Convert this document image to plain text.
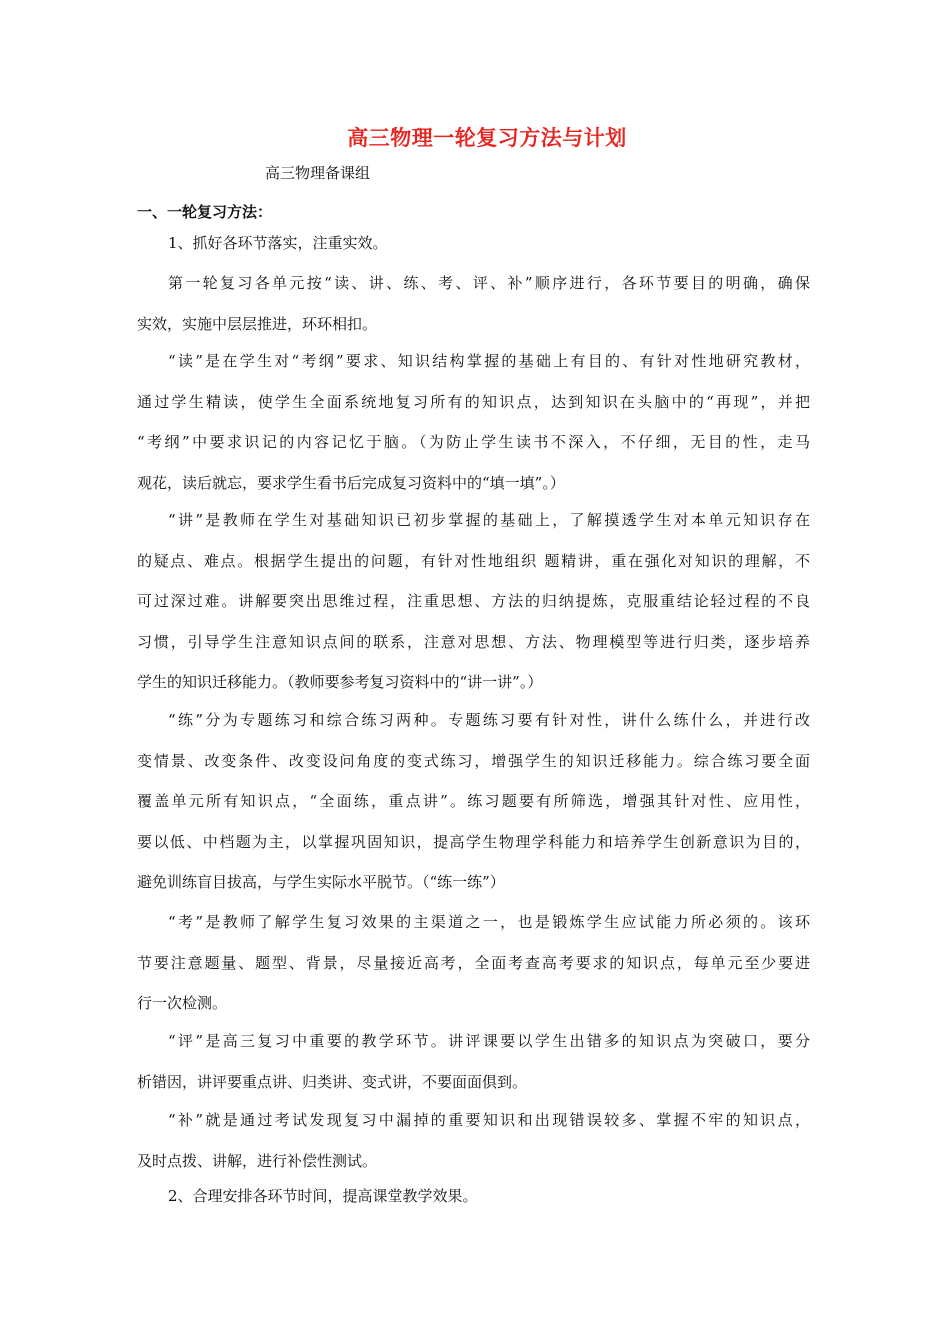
高三物理一轮复习方法与计划
高三物理备课组
一、一轮复习方法：
1、抓好各环节落实，注重实效。
第一轮复习各单元按“读、讲、练、考、评、补”顺序进行，各环节要目的明确，确保
实效，实施中层层推进，环环相扣。
“读”是在学生对“考纲”要求、知识结构掌握的基础上有目的、有针对性地研究教材，
通过学生精读，使学生全面系统地复习所有的知识点，达到知识在头脑中的“再现”，并把
“考纲”中要求识记的内容记忆于脑。（为防止学生读书不深入，不仔细，无目的性，走马
观花，读后就忘，要求学生看书后完成复习资料中的“填一填”。）
“讲”是教师在学生对基础知识已初步掌握的基础上，了解摸透学生对本单元知识存在
的疑点、难点。根据学生提出的问题，有针对性地组织 题精讲，重在强化对知识的理解，不
可过深过难。讲解要突出思维过程，注重思想、方法的归纳提炼，克服重结论轻过程的不良
习惯，引导学生注意知识点间的联系，注意对思想、方法、物理模型等进行归类，逐步培养
学生的知识迁移能力。（教师要参考复习资料中的“讲一讲”。）
“练”分为专题练习和综合练习两种。专题练习要有针对性，讲什么练什么，并进行改
变情景、改变条件、改变设问角度的变式练习，增强学生的知识迁移能力。综合练习要全面
覆盖单元所有知识点，“全面练，重点讲”。练习题要有所筛选，增强其针对性、应用性，
要以低、中档题为主，以掌握巩固知识，提高学生物理学科能力和培养学生创新意识为目的，
避免训练盲目拔高，与学生实际水平脱节。（“练一练”）
“考”是教师了解学生复习效果的主渠道之一，也是锻炼学生应试能力所必须的。该环
节要注意题量、题型、背景，尽量接近高考，全面考查高考要求的知识点，每单元至少要进
行一次检测。
“评”是高三复习中重要的教学环节。讲评课要以学生出错多的知识点为突破口，要分
析错因，讲评要重点讲、归类讲、变式讲，不要面面俱到。
“补”就是通过考试发现复习中漏掉的重要知识和出现错误较多、掌握不牢的知识点，
及时点拨、讲解，进行补偿性测试。
2、合理安排各环节时间，提高课堂教学效果。
